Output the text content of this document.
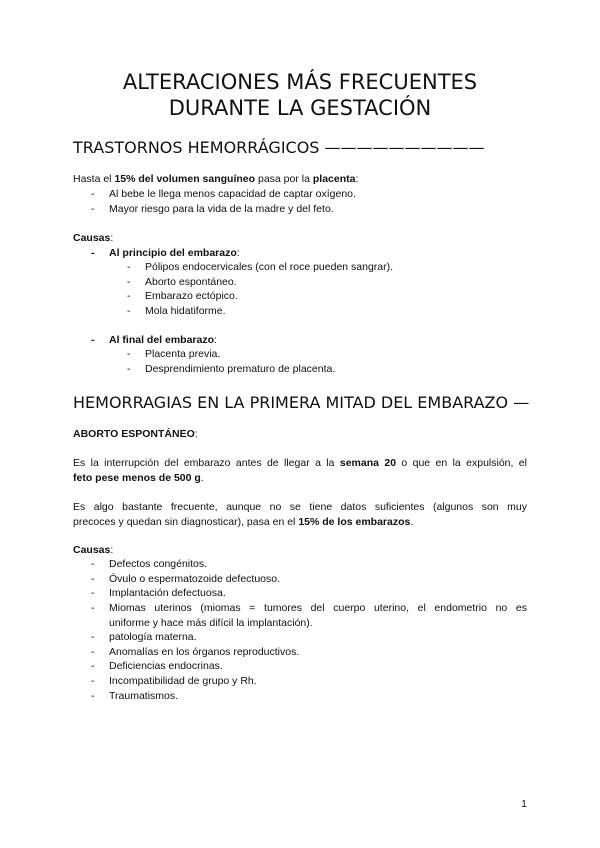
ALTERACIONES MÁS FRECUENTES
DURANTE LA GESTACIÓN
TRASTORNOS HEMORRÁGICOS ——————————
Hasta el 15% del volumen sanguíneo pasa por la placenta:
- Al bebe le llega menos capacidad de captar oxígeno.
- Mayor riesgo para la vida de la madre y del feto.
Causas:
- Al principio del embarazo:
- Pólipos endocervicales (con el roce pueden sangrar).
- Aborto espontáneo.
- Embarazo ectópico.
- Mola hidatiforme.
- Al final del embarazo:
- Placenta previa.
- Desprendimiento prematuro de placenta.
HEMORRAGIAS EN LA PRIMERA MITAD DEL EMBARAZO —
ABORTO ESPONTÁNEO:
Es la interrupción del embarazo antes de llegar a la semana 20 o que en la expulsión, el
feto pese menos de 500 g.
Es algo bastante frecuente, aunque no se tiene datos suficientes (algunos son muy
precoces y quedan sin diagnosticar), pasa en el 15% de los embarazos.
Causas:
- Defectos congénitos.
- Óvulo o espermatozoide defectuoso.
- Implantación defectuosa.
- Miomas uterinos (miomas = tumores del cuerpo uterino, el endometrio no es
uniforme y hace más difícil la implantación).
- patología materna.
- Anomalías en los órganos reproductivos.
- Deficiencias endocrinas.
- Incompatibilidad de grupo y Rh.
- Traumatismos.
1
